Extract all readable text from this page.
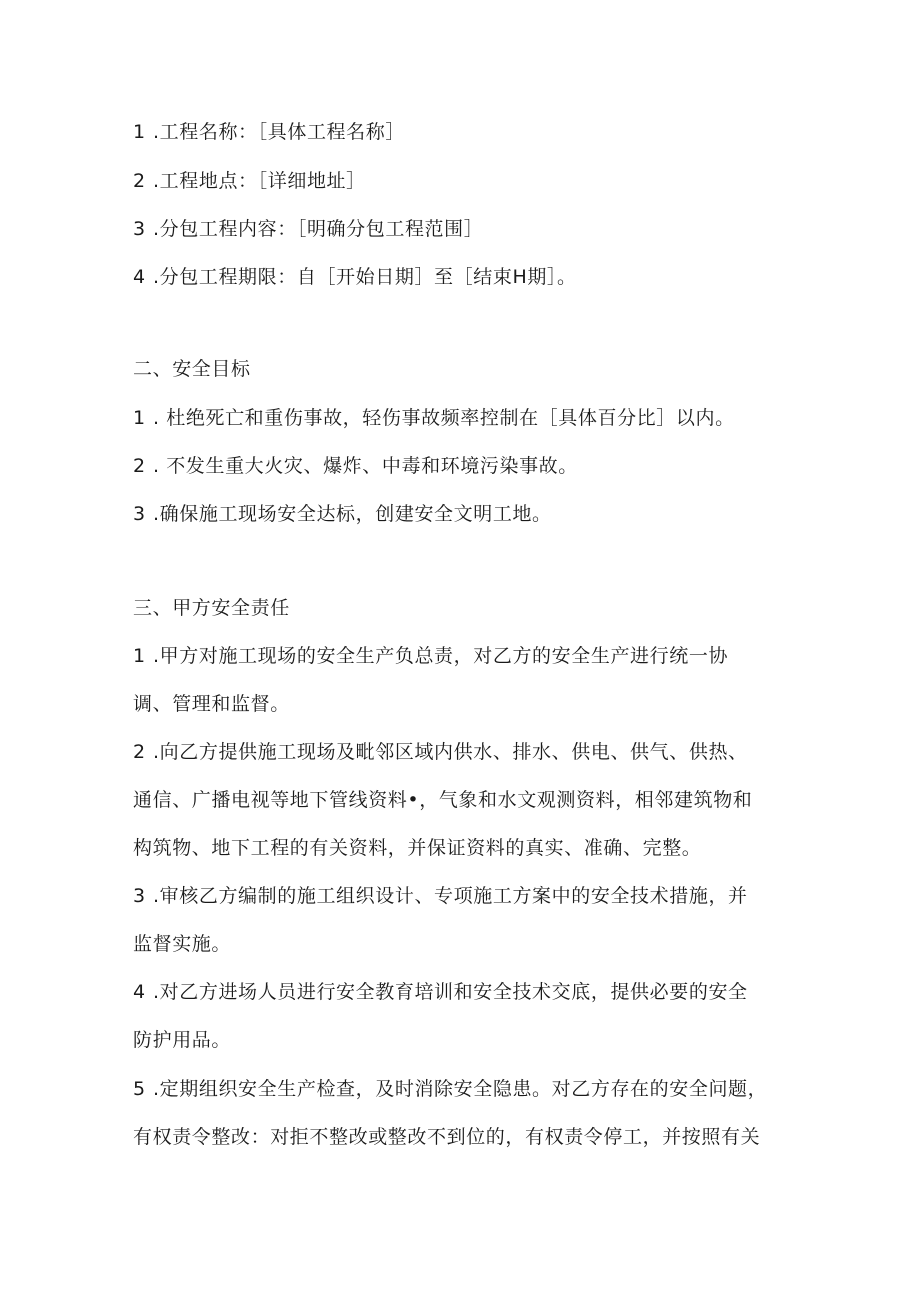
1 .工程名称：［具体工程名称］
2 .工程地点：［详细地址］
3 .分包工程内容：［明确分包工程范围］
4 .分包工程期限：自［开始日期］至［结束H期］。
二、安全目标
1 . 杜绝死亡和重伤事故，轻伤事故频率控制在［具体百分比］以内。
2 . 不发生重大火灾、爆炸、中毒和环境污染事故。
3 .确保施工现场安全达标，创建安全文明工地。
三、甲方安全责任
1 .甲方对施工现场的安全生产负总责，对乙方的安全生产进行统一协
调、管理和监督。
2 .向乙方提供施工现场及毗邻区域内供水、排水、供电、供气、供热、
通信、广播电视等地下管线资料•，气象和水文观测资料，相邻建筑物和
构筑物、地下工程的有关资料，并保证资料的真实、准确、完整。
3 .审核乙方编制的施工组织设计、专项施工方案中的安全技术措施，并
监督实施。
4 .对乙方进场人员进行安全教育培训和安全技术交底，提供必要的安全
防护用品。
5 .定期组织安全生产检查，及时消除安全隐患。对乙方存在的安全问题，
有权责令整改：对拒不整改或整改不到位的，有权责令停工，并按照有关
